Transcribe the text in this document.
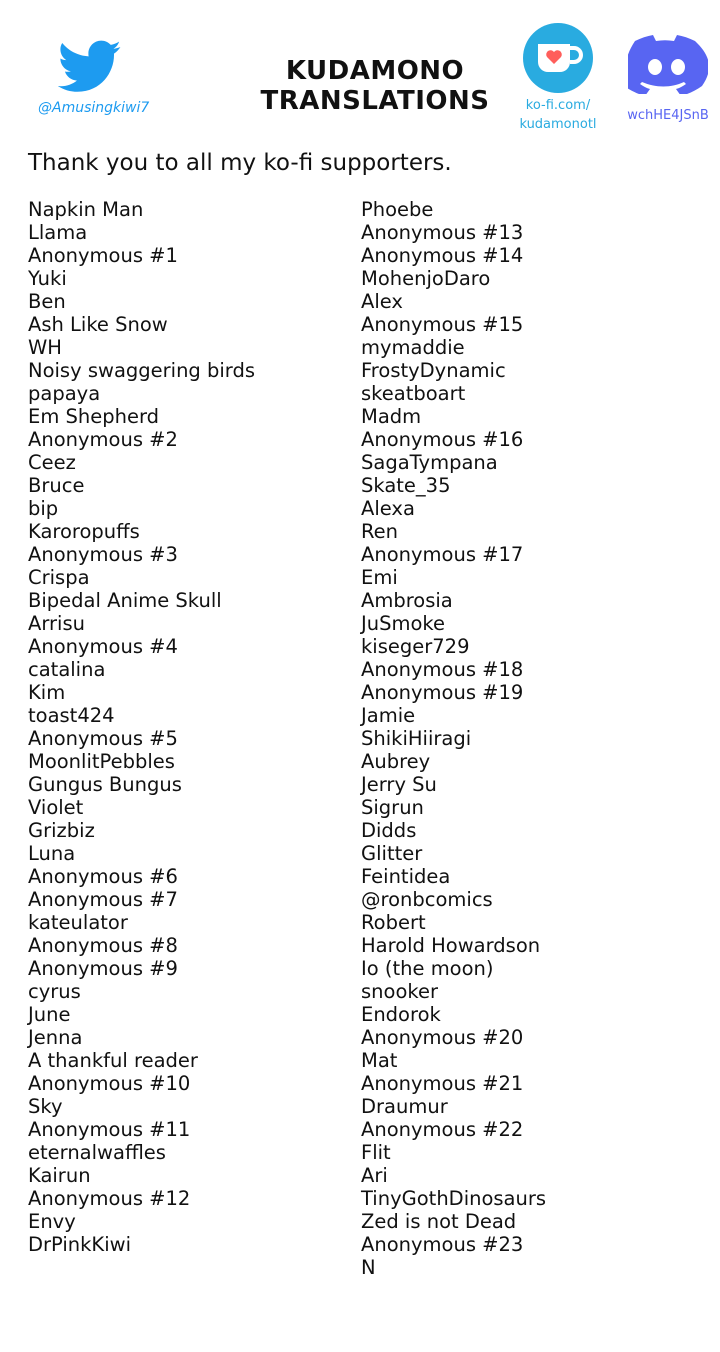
@Amusingkiwi7
KUDAMONO
TRANSLATIONS	ko-fi.com/
kudamonotl
wchHE4JSnB
Thank you to all my ko-fi supporters.
Napkin Man
Llama
Anonymous #1
Yuki
Ben
Ash Like Snow
WH
Noisy swaggering birds
papaya
Em Shepherd
Anonymous #2
Ceez
Bruce
bip
Karoropuffs
Anonymous #3
Crispa
Bipedal Anime Skull
Arrisu
Anonymous #4
catalina
Kim
toast424
Anonymous #5
MoonlitPebbles
Gungus Bungus
Violet
Grizbiz
Luna
Anonymous #6
Anonymous #7
kateulator
Anonymous #8
Anonymous #9
cyrus
June
Jenna
A thankful reader
Anonymous #10
Sky
Anonymous #11
eternalwaffles
Kairun
Anonymous #12
Envy
DrPinkKiwi
Phoebe
Anonymous #13
Anonymous #14
MohenjoDaro
Alex
Anonymous #15
mymaddie
FrostyDynamic
skeatboart
Madm
Anonymous #16
SagaTympana
Skate_35
Alexa
Ren
Anonymous #17
Emi
Ambrosia
JuSmoke
kiseger729
Anonymous #18
Anonymous #19
Jamie
ShikiHiiragi
Aubrey
Jerry Su
Sigrun
Didds
Glitter
Feintidea
@ronbcomics
Robert
Harold Howardson
Io (the moon)
snooker
Endorok
Anonymous #20
Mat
Anonymous #21
Draumur
Anonymous #22
Flit
Ari
TinyGothDinosaurs
Zed is not Dead
Anonymous #23
N
